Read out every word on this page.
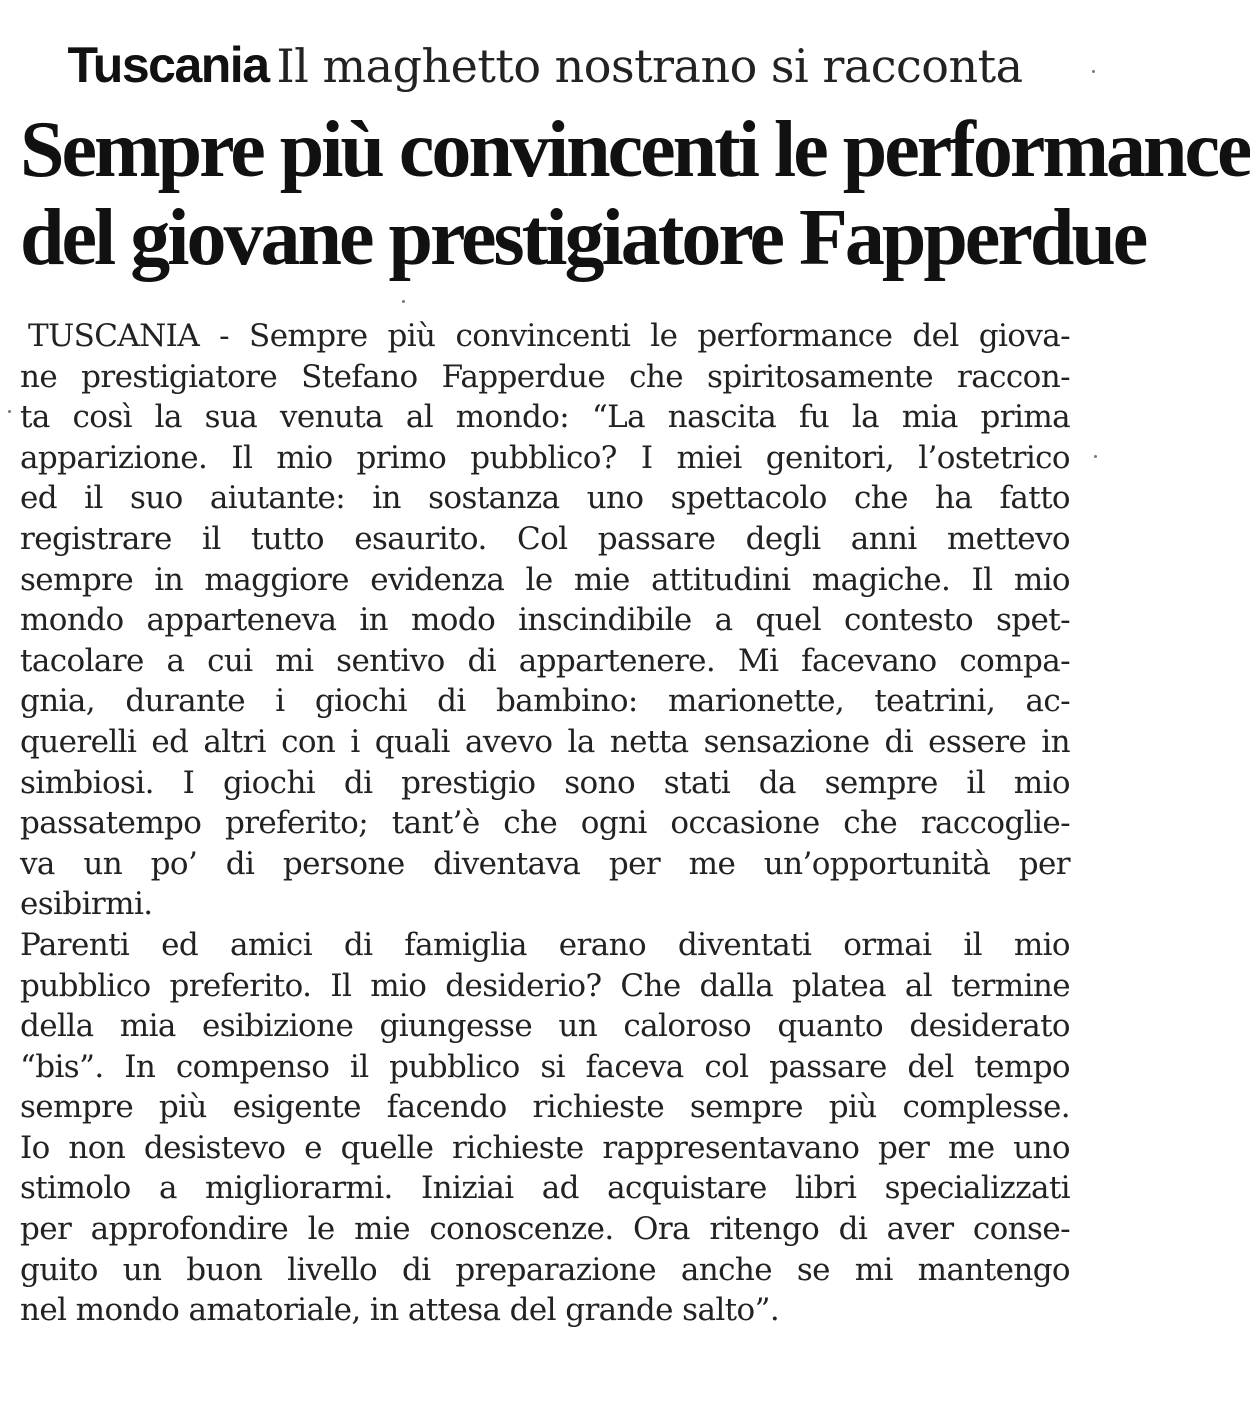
Tuscania Il maghetto nostrano si racconta
Sempre più convincenti le performance
del giovane prestigiatore Fapperdue
TUSCANIA - Sempre più convincenti le performance del giova-
ne prestigiatore Stefano Fapperdue che spiritosamente raccon-
ta così la sua venuta al mondo: “La nascita fu la mia prima
apparizione. Il mio primo pubblico? I miei genitori, l’ostetrico
ed il suo aiutante: in sostanza uno spettacolo che ha fatto
registrare il tutto esaurito. Col passare degli anni mettevo
sempre in maggiore evidenza le mie attitudini magiche. Il mio
mondo apparteneva in modo inscindibile a quel contesto spet-
tacolare a cui mi sentivo di appartenere. Mi facevano compa-
gnia, durante i giochi di bambino: marionette, teatrini, ac-
querelli ed altri con i quali avevo la netta sensazione di essere in
simbiosi. I giochi di prestigio sono stati da sempre il mio
passatempo preferito; tant’è che ogni occasione che raccoglie-
va un po’ di persone diventava per me un’opportunità per
esibirmi.
Parenti ed amici di famiglia erano diventati ormai il mio
pubblico preferito. Il mio desiderio? Che dalla platea al termine
della mia esibizione giungesse un caloroso quanto desiderato
“bis”. In compenso il pubblico si faceva col passare del tempo
sempre più esigente facendo richieste sempre più complesse.
Io non desistevo e quelle richieste rappresentavano per me uno
stimolo a migliorarmi. Iniziai ad acquistare libri specializzati
per approfondire le mie conoscenze. Ora ritengo di aver conse-
guito un buon livello di preparazione anche se mi mantengo
nel mondo amatoriale, in attesa del grande salto”.
